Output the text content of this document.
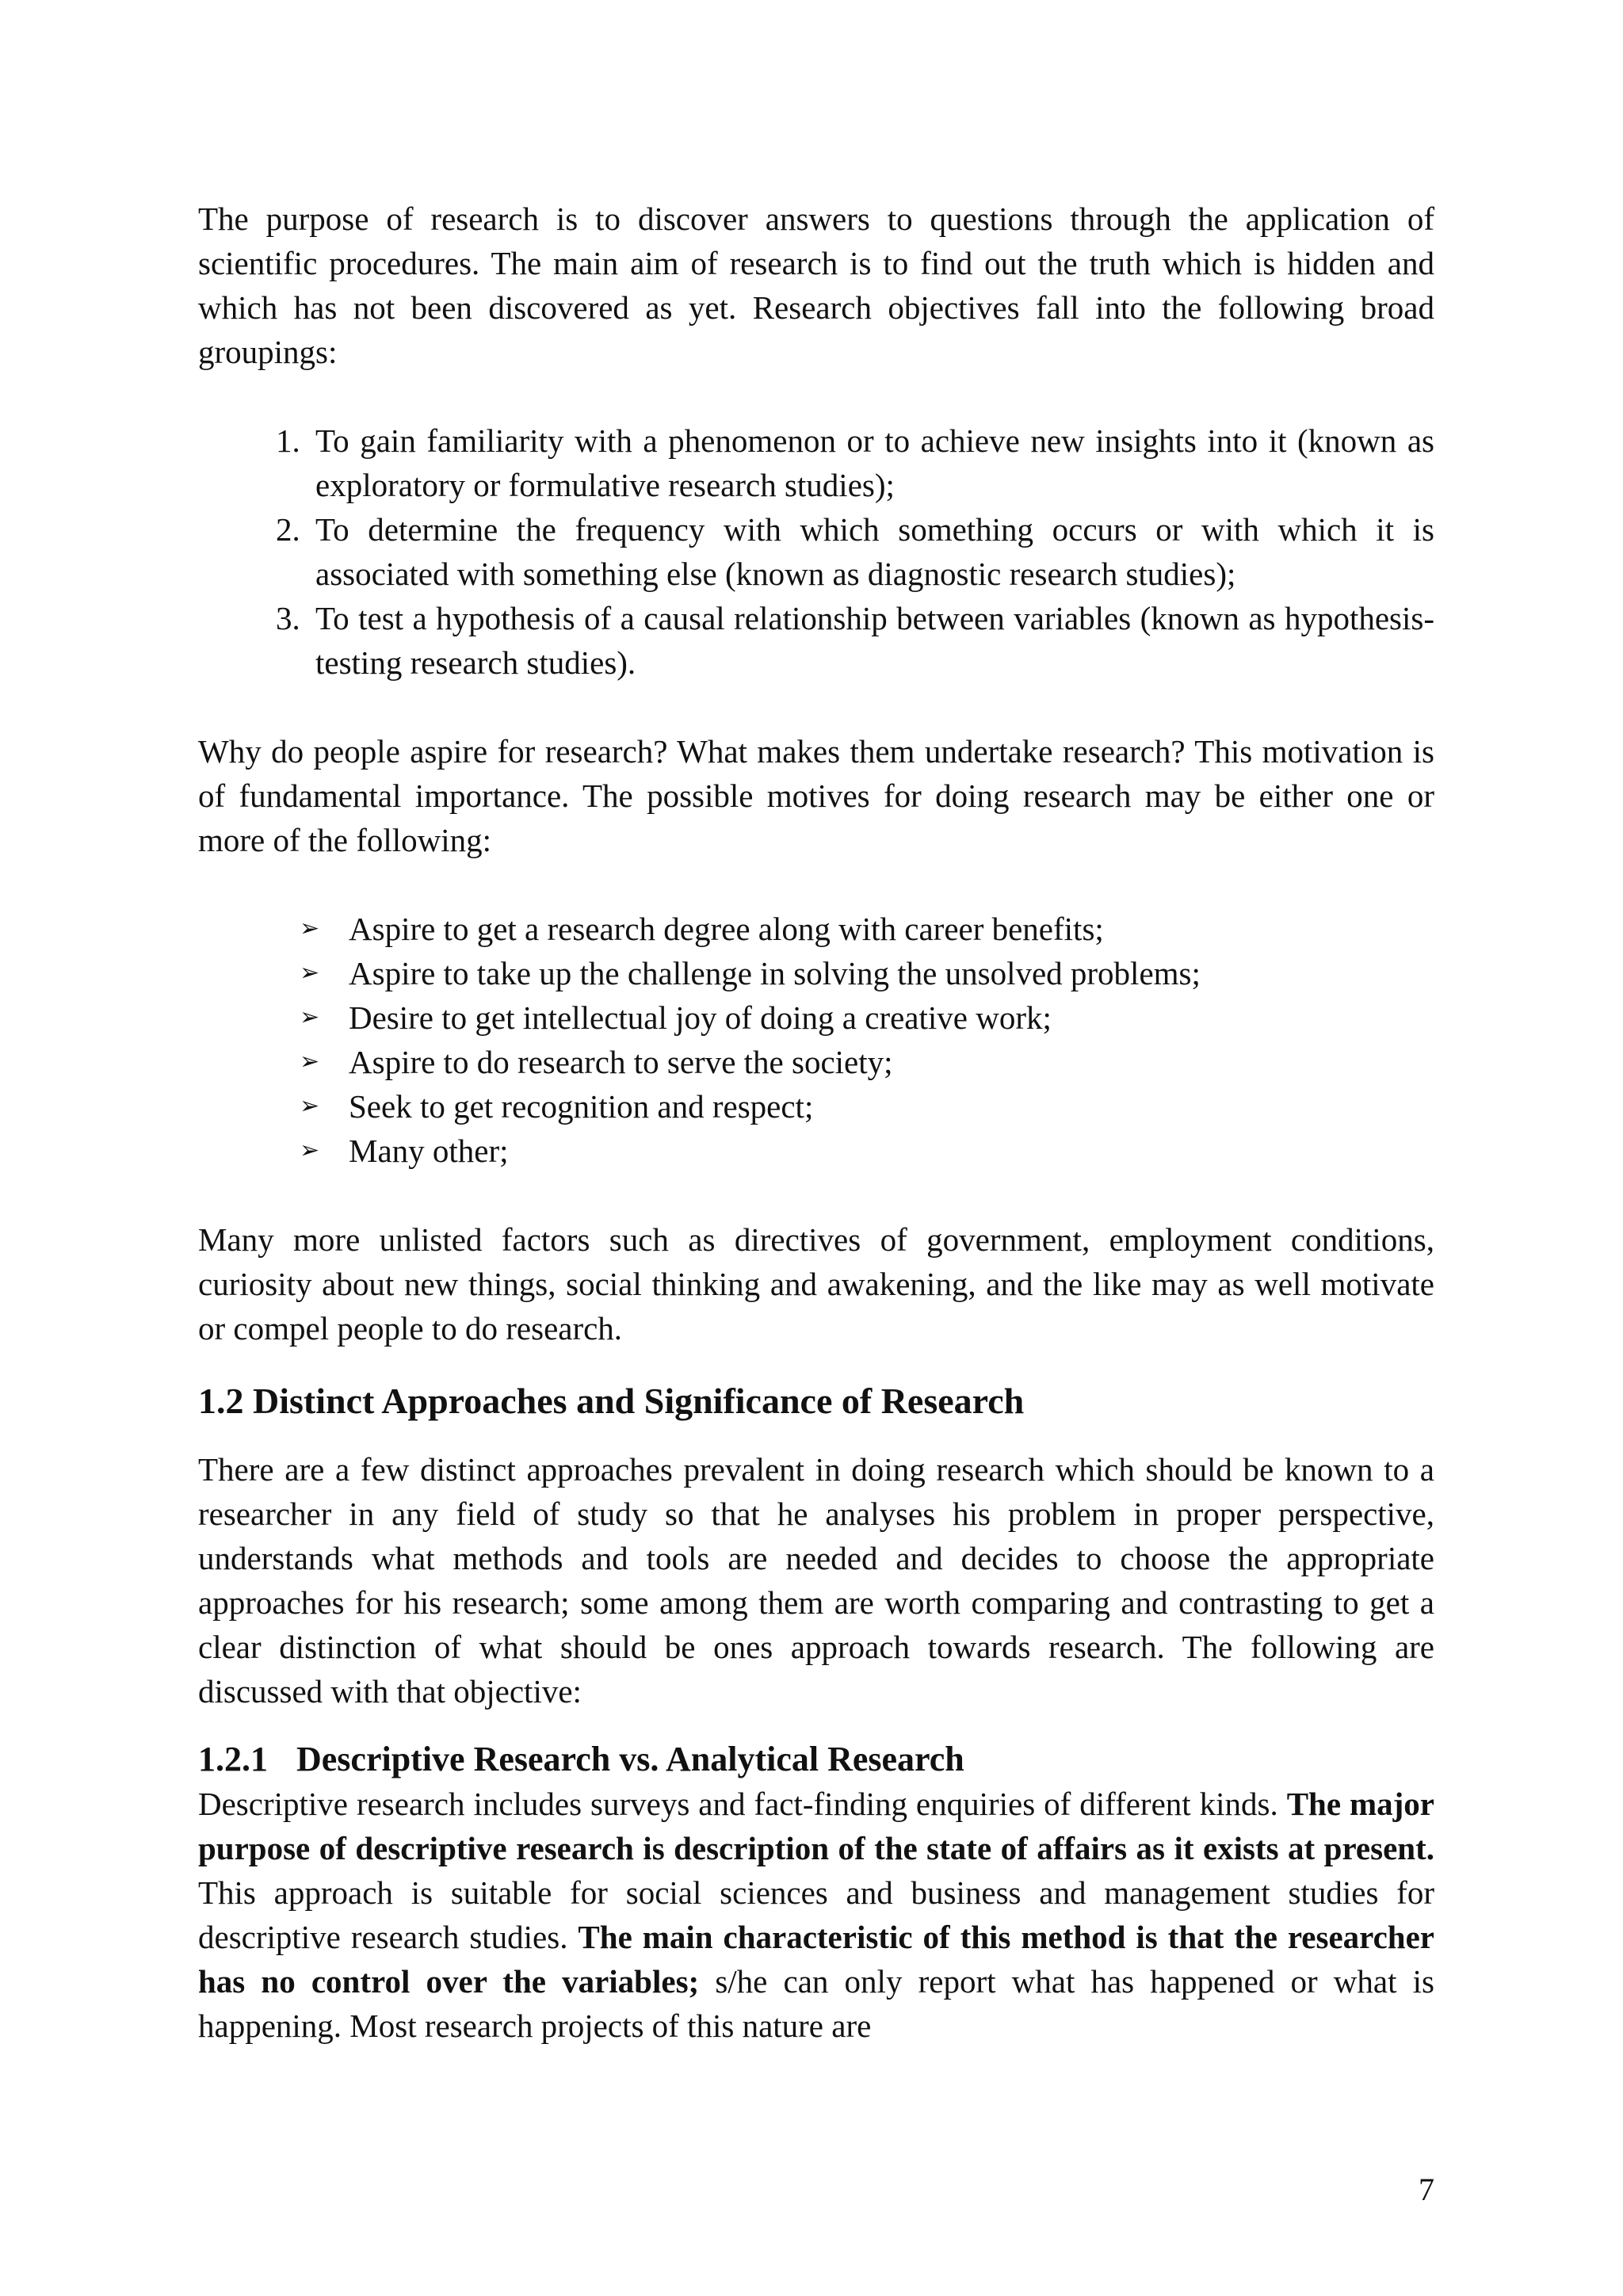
The purpose of research is to discover answers to questions through the application of scientific procedures. The main aim of research is to find out the truth which is hidden and which has not been discovered as yet. Research objectives fall into the following broad groupings:

1. To gain familiarity with a phenomenon or to achieve new insights into it (known as exploratory or formulative research studies);
2. To determine the frequency with which something occurs or with which it is associated with something else (known as diagnostic research studies);
3. To test a hypothesis of a causal relationship between variables (known as hypothesis-testing research studies).

Why do people aspire for research? What makes them undertake research? This motivation is of fundamental importance. The possible motives for doing research may be either one or more of the following:

➢ Aspire to get a research degree along with career benefits;
➢ Aspire to take up the challenge in solving the unsolved problems;
➢ Desire to get intellectual joy of doing a creative work;
➢ Aspire to do research to serve the society;
➢ Seek to get recognition and respect;
➢ Many other;

Many more unlisted factors such as directives of government, employment conditions, curiosity about new things, social thinking and awakening, and the like may as well motivate or compel people to do research.

1.2 Distinct Approaches and Significance of Research

There are a few distinct approaches prevalent in doing research which should be known to a researcher in any field of study so that he analyses his problem in proper perspective, understands what methods and tools are needed and decides to choose the appropriate approaches for his research; some among them are worth comparing and contrasting to get a clear distinction of what should be ones approach towards research. The following are discussed with that objective:

1.2.1 Descriptive Research vs. Analytical Research

Descriptive research includes surveys and fact-finding enquiries of different kinds. The major purpose of descriptive research is description of the state of affairs as it exists at present. This approach is suitable for social sciences and business and management studies for descriptive research studies. The main characteristic of this method is that the researcher has no control over the variables; s/he can only report what has happened or what is happening. Most research projects of this nature are

7
